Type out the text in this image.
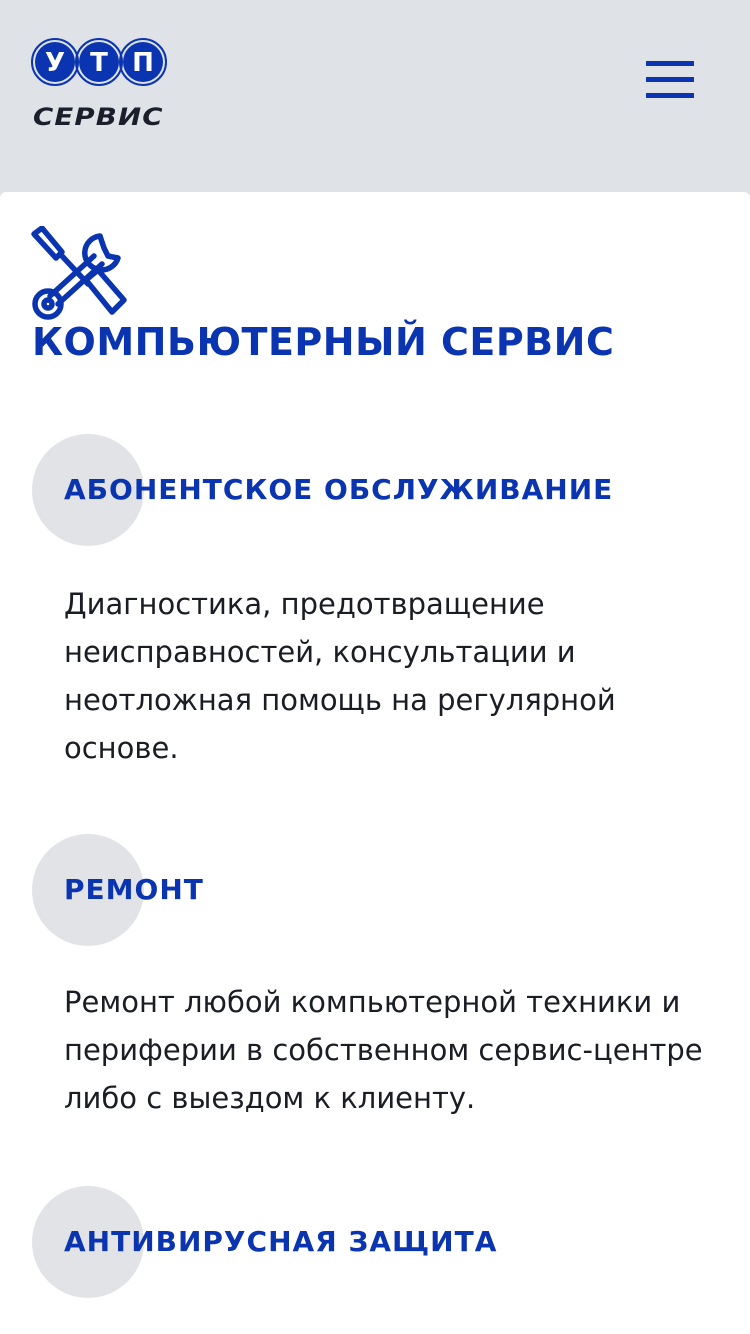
У Т П
СЕРВИС
КОМПЬЮТЕРНЫЙ СЕРВИС
АБОНЕНТСКОЕ ОБСЛУЖИВАНИЕ

Диагностика, предотвращение неисправностей, консультации и неотложная помощь на регулярной основе.

РЕМОНТ

Ремонт любой компьютерной техники и периферии в собственном сервис-центре либо с выездом к клиенту.

АНТИВИРУСНАЯ ЗАЩИТА
